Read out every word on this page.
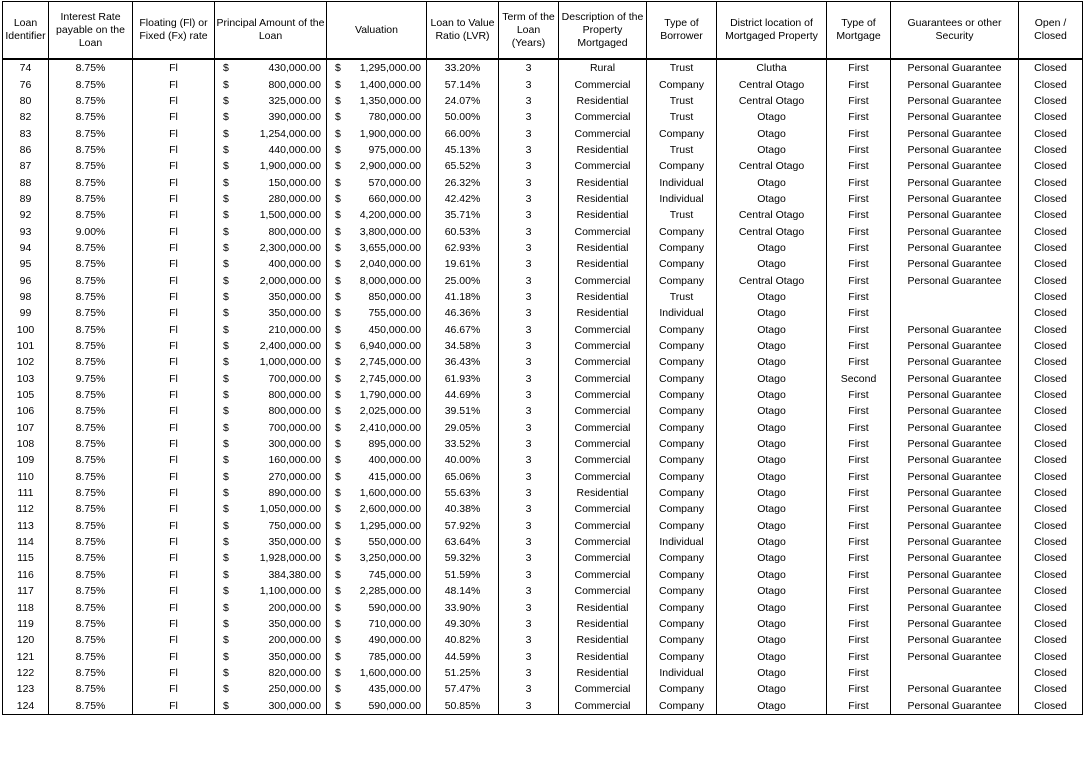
Loan Identifier	Interest Rate payable on the Loan	Floating (Fl) or Fixed (Fx) rate	Principal Amount of the Loan	Valuation	Loan to Value Ratio (LVR)	Term of the Loan (Years)	Description of the Property Mortgaged	Type of Borrower	District location of Mortgaged Property	Type of Mortgage	Guarantees or other Security	Open / Closed
74	8.75%	Fl	$ 430,000.00	$ 1,295,000.00	33.20%	3	Rural	Trust	Clutha	First	Personal Guarantee	Closed
76	8.75%	Fl	$ 800,000.00	$ 1,400,000.00	57.14%	3	Commercial	Company	Central Otago	First	Personal Guarantee	Closed
80	8.75%	Fl	$ 325,000.00	$ 1,350,000.00	24.07%	3	Residential	Trust	Central Otago	First	Personal Guarantee	Closed
82	8.75%	Fl	$ 390,000.00	$ 780,000.00	50.00%	3	Commercial	Trust	Otago	First	Personal Guarantee	Closed
83	8.75%	Fl	$ 1,254,000.00	$ 1,900,000.00	66.00%	3	Commercial	Company	Otago	First	Personal Guarantee	Closed
86	8.75%	Fl	$ 440,000.00	$ 975,000.00	45.13%	3	Residential	Trust	Otago	First	Personal Guarantee	Closed
87	8.75%	Fl	$ 1,900,000.00	$ 2,900,000.00	65.52%	3	Commercial	Company	Central Otago	First	Personal Guarantee	Closed
88	8.75%	Fl	$ 150,000.00	$ 570,000.00	26.32%	3	Residential	Individual	Otago	First	Personal Guarantee	Closed
89	8.75%	Fl	$ 280,000.00	$ 660,000.00	42.42%	3	Residential	Individual	Otago	First	Personal Guarantee	Closed
92	8.75%	Fl	$ 1,500,000.00	$ 4,200,000.00	35.71%	3	Residential	Trust	Central Otago	First	Personal Guarantee	Closed
93	9.00%	Fl	$ 800,000.00	$ 3,800,000.00	60.53%	3	Commercial	Company	Central Otago	First	Personal Guarantee	Closed
94	8.75%	Fl	$ 2,300,000.00	$ 3,655,000.00	62.93%	3	Residential	Company	Otago	First	Personal Guarantee	Closed
95	8.75%	Fl	$ 400,000.00	$ 2,040,000.00	19.61%	3	Residential	Company	Otago	First	Personal Guarantee	Closed
96	8.75%	Fl	$ 2,000,000.00	$ 8,000,000.00	25.00%	3	Commercial	Company	Central Otago	First	Personal Guarantee	Closed
98	8.75%	Fl	$ 350,000.00	$ 850,000.00	41.18%	3	Residential	Trust	Otago	First		Closed
99	8.75%	Fl	$ 350,000.00	$ 755,000.00	46.36%	3	Residential	Individual	Otago	First		Closed
100	8.75%	Fl	$ 210,000.00	$ 450,000.00	46.67%	3	Commercial	Company	Otago	First	Personal Guarantee	Closed
101	8.75%	Fl	$ 2,400,000.00	$ 6,940,000.00	34.58%	3	Commercial	Company	Otago	First	Personal Guarantee	Closed
102	8.75%	Fl	$ 1,000,000.00	$ 2,745,000.00	36.43%	3	Commercial	Company	Otago	First	Personal Guarantee	Closed
103	9.75%	Fl	$ 700,000.00	$ 2,745,000.00	61.93%	3	Commercial	Company	Otago	Second	Personal Guarantee	Closed
105	8.75%	Fl	$ 800,000.00	$ 1,790,000.00	44.69%	3	Commercial	Company	Otago	First	Personal Guarantee	Closed
106	8.75%	Fl	$ 800,000.00	$ 2,025,000.00	39.51%	3	Commercial	Company	Otago	First	Personal Guarantee	Closed
107	8.75%	Fl	$ 700,000.00	$ 2,410,000.00	29.05%	3	Commercial	Company	Otago	First	Personal Guarantee	Closed
108	8.75%	Fl	$ 300,000.00	$ 895,000.00	33.52%	3	Commercial	Company	Otago	First	Personal Guarantee	Closed
109	8.75%	Fl	$ 160,000.00	$ 400,000.00	40.00%	3	Commercial	Company	Otago	First	Personal Guarantee	Closed
110	8.75%	Fl	$ 270,000.00	$ 415,000.00	65.06%	3	Commercial	Company	Otago	First	Personal Guarantee	Closed
111	8.75%	Fl	$ 890,000.00	$ 1,600,000.00	55.63%	3	Residential	Company	Otago	First	Personal Guarantee	Closed
112	8.75%	Fl	$ 1,050,000.00	$ 2,600,000.00	40.38%	3	Commercial	Company	Otago	First	Personal Guarantee	Closed
113	8.75%	Fl	$ 750,000.00	$ 1,295,000.00	57.92%	3	Commercial	Company	Otago	First	Personal Guarantee	Closed
114	8.75%	Fl	$ 350,000.00	$ 550,000.00	63.64%	3	Commercial	Individual	Otago	First	Personal Guarantee	Closed
115	8.75%	Fl	$ 1,928,000.00	$ 3,250,000.00	59.32%	3	Commercial	Company	Otago	First	Personal Guarantee	Closed
116	8.75%	Fl	$ 384,380.00	$ 745,000.00	51.59%	3	Commercial	Company	Otago	First	Personal Guarantee	Closed
117	8.75%	Fl	$ 1,100,000.00	$ 2,285,000.00	48.14%	3	Commercial	Company	Otago	First	Personal Guarantee	Closed
118	8.75%	Fl	$ 200,000.00	$ 590,000.00	33.90%	3	Residential	Company	Otago	First	Personal Guarantee	Closed
119	8.75%	Fl	$ 350,000.00	$ 710,000.00	49.30%	3	Residential	Company	Otago	First	Personal Guarantee	Closed
120	8.75%	Fl	$ 200,000.00	$ 490,000.00	40.82%	3	Residential	Company	Otago	First	Personal Guarantee	Closed
121	8.75%	Fl	$ 350,000.00	$ 785,000.00	44.59%	3	Residential	Company	Otago	First	Personal Guarantee	Closed
122	8.75%	Fl	$ 820,000.00	$ 1,600,000.00	51.25%	3	Residential	Individual	Otago	First		Closed
123	8.75%	Fl	$ 250,000.00	$ 435,000.00	57.47%	3	Commercial	Company	Otago	First	Personal Guarantee	Closed
124	8.75%	Fl	$ 300,000.00	$ 590,000.00	50.85%	3	Commercial	Company	Otago	First	Personal Guarantee	Closed
